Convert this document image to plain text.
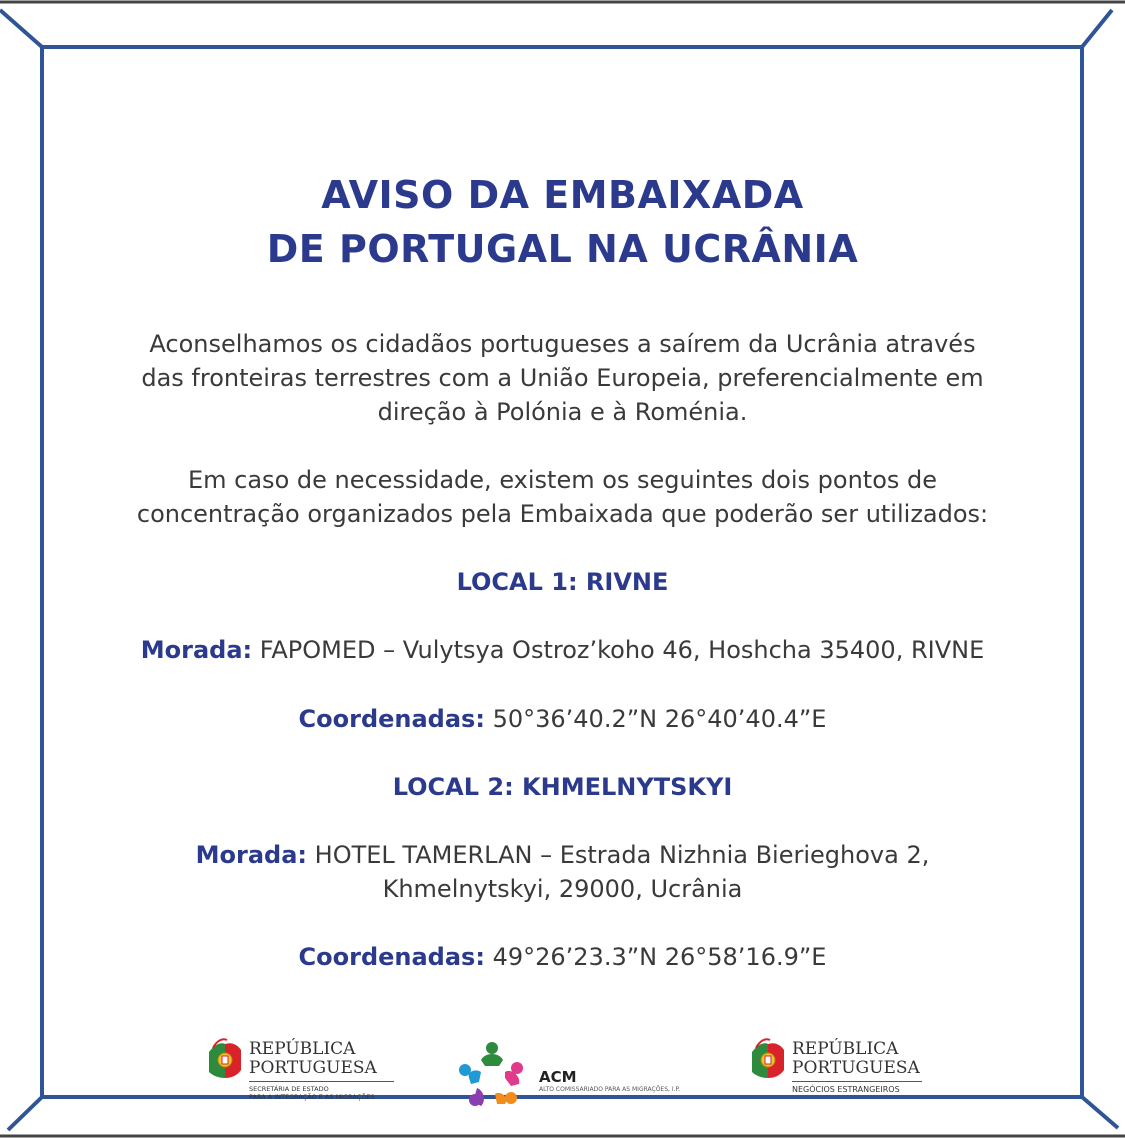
AVISO DA EMBAIXADA
DE PORTUGAL NA UCRÂNIA
Aconselhamos os cidadãos portugueses a saírem da Ucrânia através
das fronteiras terrestres com a União Europeia, preferencialmente em
direção à Polónia e à Roménia.
Em caso de necessidade, existem os seguintes dois pontos de
concentração organizados pela Embaixada que poderão ser utilizados:
LOCAL 1: RIVNE
Morada: FAPOMED – Vulytsya Ostroz’koho 46, Hoshcha 35400, RIVNE
Coordenadas: 50°36’40.2”N 26°40’40.4”E
LOCAL 2: KHMELNYTSKYI
Morada: HOTEL TAMERLAN – Estrada Nizhnia Bierieghova 2,
Khmelnytskyi, 29000, Ucrânia
Coordenadas: 49°26’23.3”N 26°58’16.9”E
REPÚBLICA
PORTUGUESA
SECRETÁRIA DE ESTADO
PARA A INTEGRAÇÃO E AS MIGRAÇÕES
ACM
ALTO COMISSARIADO PARA AS MIGRAÇÕES, I.P.
REPÚBLICA
PORTUGUESA
NEGÓCIOS ESTRANGEIROS
